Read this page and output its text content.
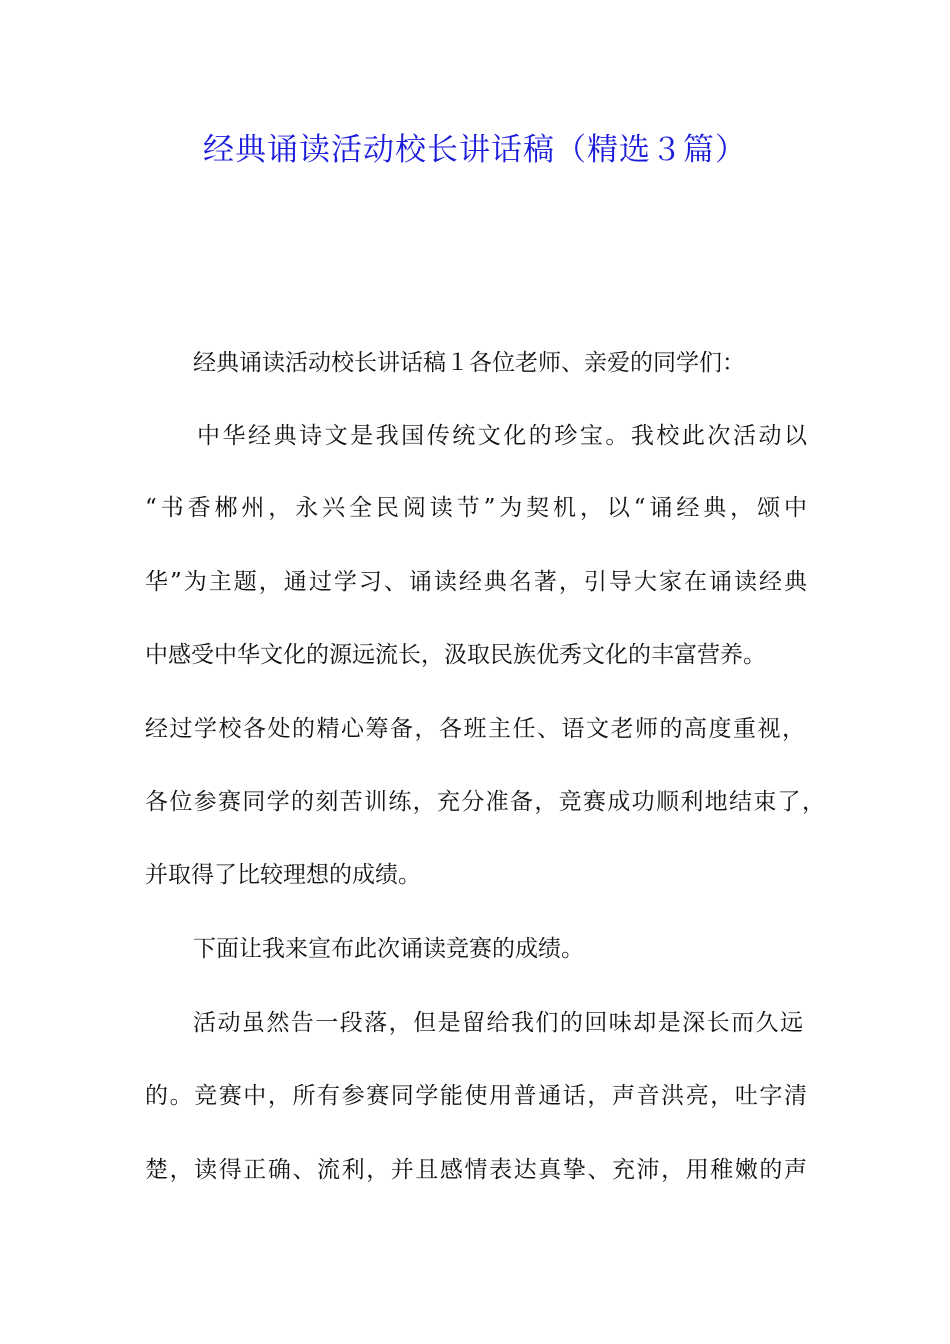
经典诵读活动校长讲话稿（精选３篇）
经典诵读活动校长讲话稿１各位老师、亲爱的同学们：
中华经典诗文是我国传统文化的珍宝。我校此次活动以
“书香郴州，永兴全民阅读节”为契机，以“诵经典，颂中
华”为主题，通过学习、诵读经典名著，引导大家在诵读经典
中感受中华文化的源远流长，汲取民族优秀文化的丰富营养。
经过学校各处的精心筹备，各班主任、语文老师的高度重视，
各位参赛同学的刻苦训练，充分准备，竞赛成功顺利地结束了，
并取得了比较理想的成绩。
下面让我来宣布此次诵读竞赛的成绩。
活动虽然告一段落，但是留给我们的回味却是深长而久远
的。竞赛中，所有参赛同学能使用普通话，声音洪亮，吐字清
楚，读得正确、流利，并且感情表达真挚、充沛，用稚嫩的声
